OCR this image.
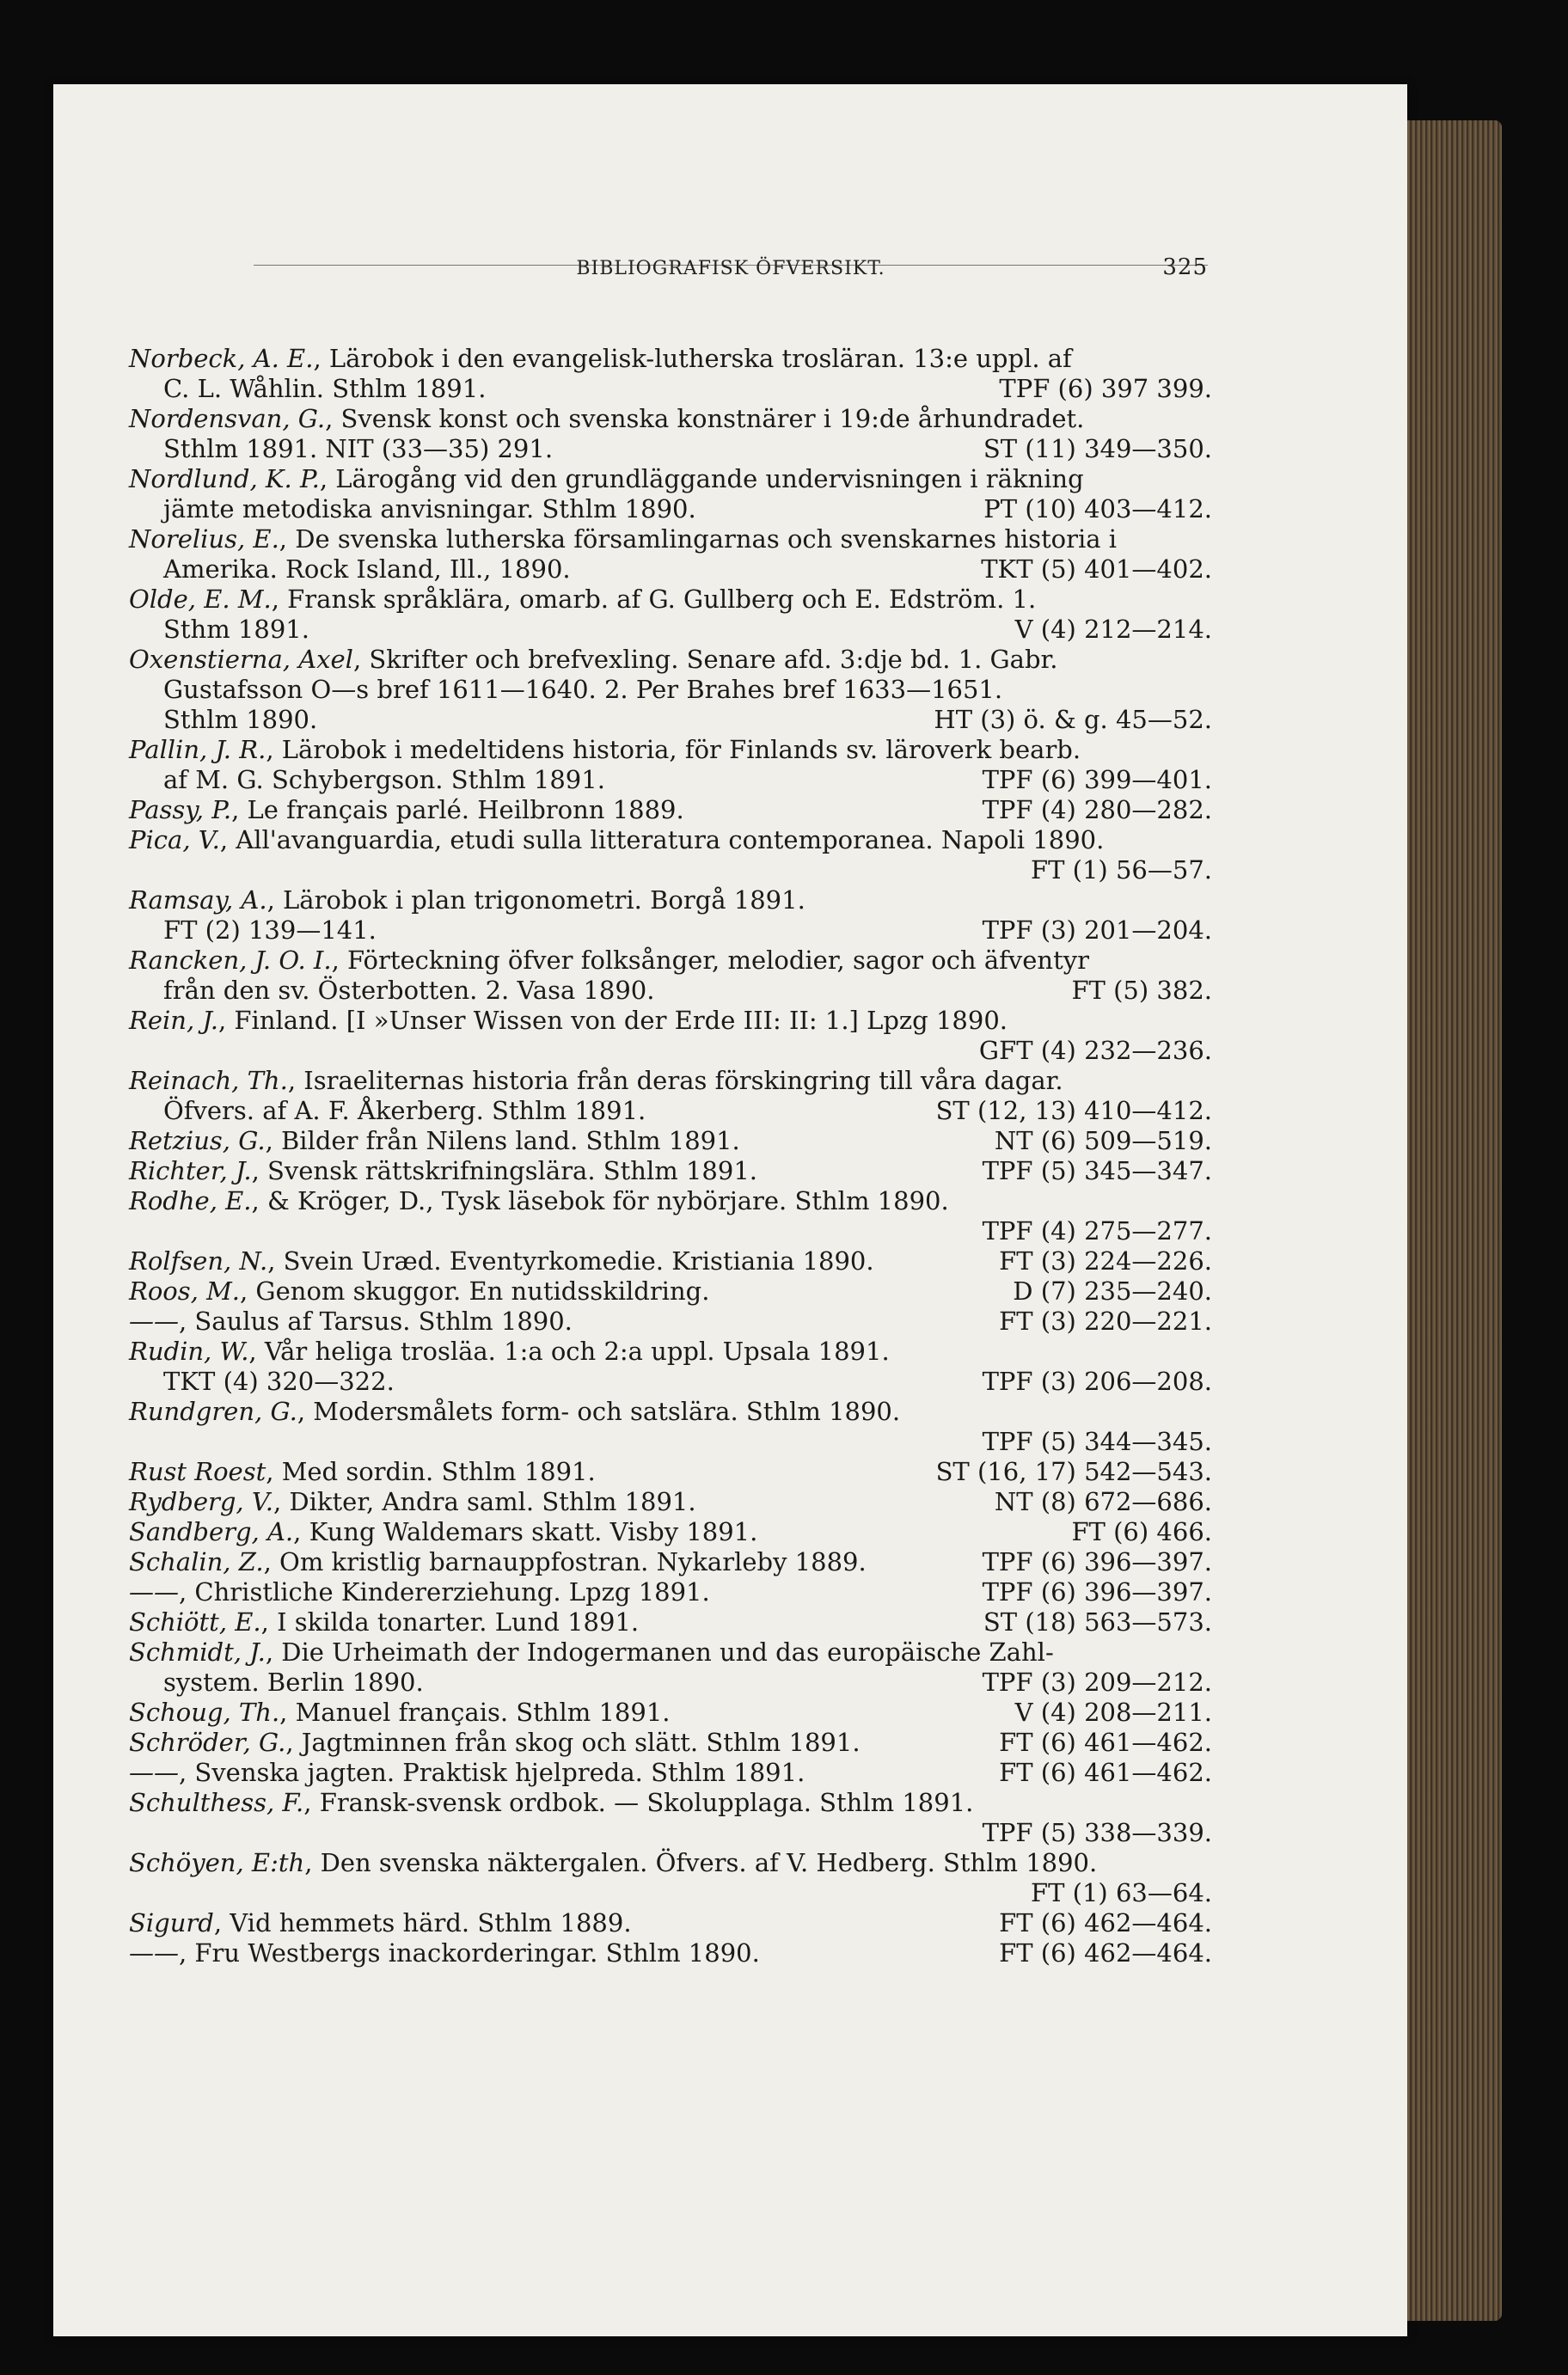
BIBLIOGRAFISK ÖFVERSIKT.	325
Norbeck, A. E., Lärobok i den evangelisk-lutherska trosläran. 13:e uppl. af
C. L. Wåhlin. Sthlm 1891.	TPF (6) 397 399.
Nordensvan, G., Svensk konst och svenska konstnärer i 19:de århundradet.
Sthlm 1891. NIT (33—35) 291.	ST (11) 349—350.
Nordlund, K. P., Lärogång vid den grundläggande undervisningen i räkning
jämte metodiska anvisningar. Sthlm 1890.	PT (10) 403—412.
Norelius, E., De svenska lutherska församlingarnas och svenskarnes historia i
Amerika. Rock Island, Ill., 1890.	TKT (5) 401—402.
Olde, E. M., Fransk språklära, omarb. af G. Gullberg och E. Edström. 1.
Sthm 1891.	V (4) 212—214.
Oxenstierna, Axel, Skrifter och brefvexling. Senare afd. 3:dje bd. 1. Gabr.
Gustafsson O—s bref 1611—1640. 2. Per Brahes bref 1633—1651.
Sthlm 1890.	HT (3) ö. & g. 45—52.
Pallin, J. R., Lärobok i medeltidens historia, för Finlands sv. läroverk bearb.
af M. G. Schybergson. Sthlm 1891.	TPF (6) 399—401.
Passy, P., Le français parlé. Heilbronn 1889.	TPF (4) 280—282.
Pica, V., All'avanguardia, etudi sulla litteratura contemporanea. Napoli 1890.
FT (1) 56—57.
Ramsay, A., Lärobok i plan trigonometri. Borgå 1891.
FT (2) 139—141.	TPF (3) 201—204.
Rancken, J. O. I., Förteckning öfver folksånger, melodier, sagor och äfventyr
från den sv. Österbotten. 2. Vasa 1890.	FT (5) 382.
Rein, J., Finland. [I »Unser Wissen von der Erde III: II: 1.] Lpzg 1890.
GFT (4) 232—236.
Reinach, Th., Israeliternas historia från deras förskingring till våra dagar.
Öfvers. af A. F. Åkerberg. Sthlm 1891.	ST (12, 13) 410—412.
Retzius, G., Bilder från Nilens land. Sthlm 1891.	NT (6) 509—519.
Richter, J., Svensk rättskrifningslära. Sthlm 1891.	TPF (5) 345—347.
Rodhe, E., & Kröger, D., Tysk läsebok för nybörjare. Sthlm 1890.
TPF (4) 275—277.
Rolfsen, N., Svein Uræd. Eventyrkomedie. Kristiania 1890.	FT (3) 224—226.
Roos, M., Genom skuggor. En nutidsskildring.	D (7) 235—240.
——, Saulus af Tarsus. Sthlm 1890.	FT (3) 220—221.
Rudin, W., Vår heliga trosläa. 1:a och 2:a uppl. Upsala 1891.
TKT (4) 320—322.	TPF (3) 206—208.
Rundgren, G., Modersmålets form- och satslära. Sthlm 1890.
TPF (5) 344—345.
Rust Roest, Med sordin. Sthlm 1891.	ST (16, 17) 542—543.
Rydberg, V., Dikter, Andra saml. Sthlm 1891.	NT (8) 672—686.
Sandberg, A., Kung Waldemars skatt. Visby 1891.	FT (6) 466.
Schalin, Z., Om kristlig barnauppfostran. Nykarleby 1889.	TPF (6) 396—397.
——, Christliche Kindererziehung. Lpzg 1891.	TPF (6) 396—397.
Schiött, E., I skilda tonarter. Lund 1891.	ST (18) 563—573.
Schmidt, J., Die Urheimath der Indogermanen und das europäische Zahl-
system. Berlin 1890.	TPF (3) 209—212.
Schoug, Th., Manuel français. Sthlm 1891.	V (4) 208—211.
Schröder, G., Jagtminnen från skog och slätt. Sthlm 1891.	FT (6) 461—462.
——, Svenska jagten. Praktisk hjelpreda. Sthlm 1891.	FT (6) 461—462.
Schulthess, F., Fransk-svensk ordbok. — Skolupplaga. Sthlm 1891.
TPF (5) 338—339.
Schöyen, E:th, Den svenska näktergalen. Öfvers. af V. Hedberg. Sthlm 1890.
FT (1) 63—64.
Sigurd, Vid hemmets härd. Sthlm 1889.	FT (6) 462—464.
——, Fru Westbergs inackorderingar. Sthlm 1890.	FT (6) 462—464.
